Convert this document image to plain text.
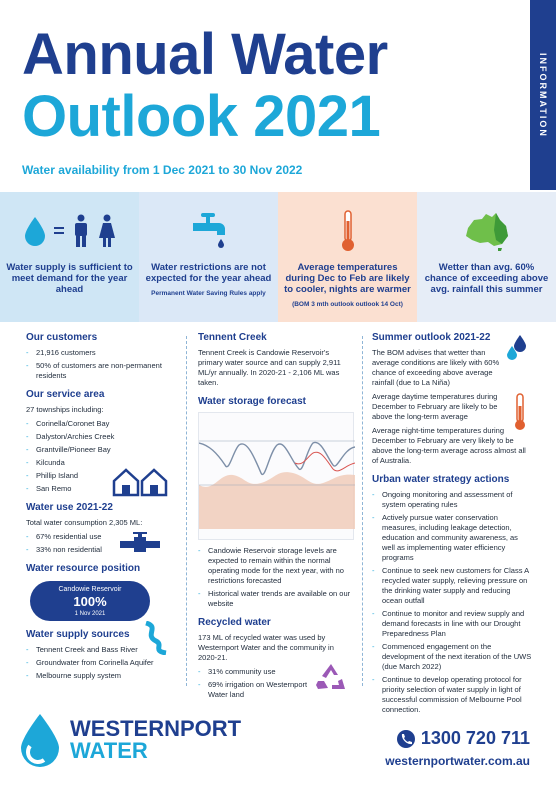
Annual Water
Outlook 2021
Water availability from 1 Dec 2021 to 30 Nov 2022
INFORMATION
Water supply is sufficient to meet demand for the year ahead
Water restrictions are not expected for the year ahead
Permanent Water Saving Rules apply
Average temperatures during Dec to Feb are likely to cooler, nights are warmer
(BOM 3 mth outlook outlook 14 Oct)
Wetter than avg. 60% chance of exceeding above avg. rainfall this summer
Our customers
- 21,916 customers
- 50% of customers are non-permanent residents
Our service area

27 townships including:

- Corinella/Coronet Bay
- Dalyston/Archies Creek
- Grantville/Pioneer Bay
- Kilcunda
- Phillip Island
- San Remo
Water use 2021-22

Total water consumption 2,305 ML:

- 67% residential use
- 33% non residential
Water resource position
Candowie Reservoir
100%
1 Nov 2021
Water supply sources
- Tennent Creek and Bass River
- Groundwater from Corinella Aquifer
- Melbourne supply system
Tennent Creek

Tennent Creek is Candowie Reservoir's primary water source and can supply 2,911 ML/yr annually. In 2020-21 - 2,106 ML was taken.

Water storage forecast
- Candowie Reservoir storage levels are expected to remain within the normal operating mode for the next year, with no restrictions forecasted
- Historical water trends are available on our website
Recycled water

173 ML of recycled water was used by Westernport Water and the community in 2020-21.

- 31% community use
- 69% irrigation on Westernport Water land
Summer outlook 2021-22

The BOM advises that wetter than average conditions are likely with 60% chance of exceeding above average rainfall (due to La Niña)

Average daytime temperatures during December to February are likely to be above the long-term average

Average night-time temperatures during December to February are very likely to be above the long-term average across almost all of Australia.

Urban water strategy actions
- Ongoing monitoring and assessment of system operating rules
- Actively pursue water conservation measures, including leakage detection, education and community awareness, as well as implementing water efficiency programs
- Continue to seek new customers for Class A recycled water supply, relieving pressure on the drinking water supply and reducing ocean outfall
- Continue to monitor and review supply and demand forecasts in line with our Drought Preparedness Plan
- Commenced engagement on the development of the next iteration of the UWS (due March 2022)
- Continue to develop operating protocol for priority selection of water supply in light of successful commission of Melbourne Pool connection.
WESTERNPORT
WATER	1300 720 711
westernportwater.com.au
